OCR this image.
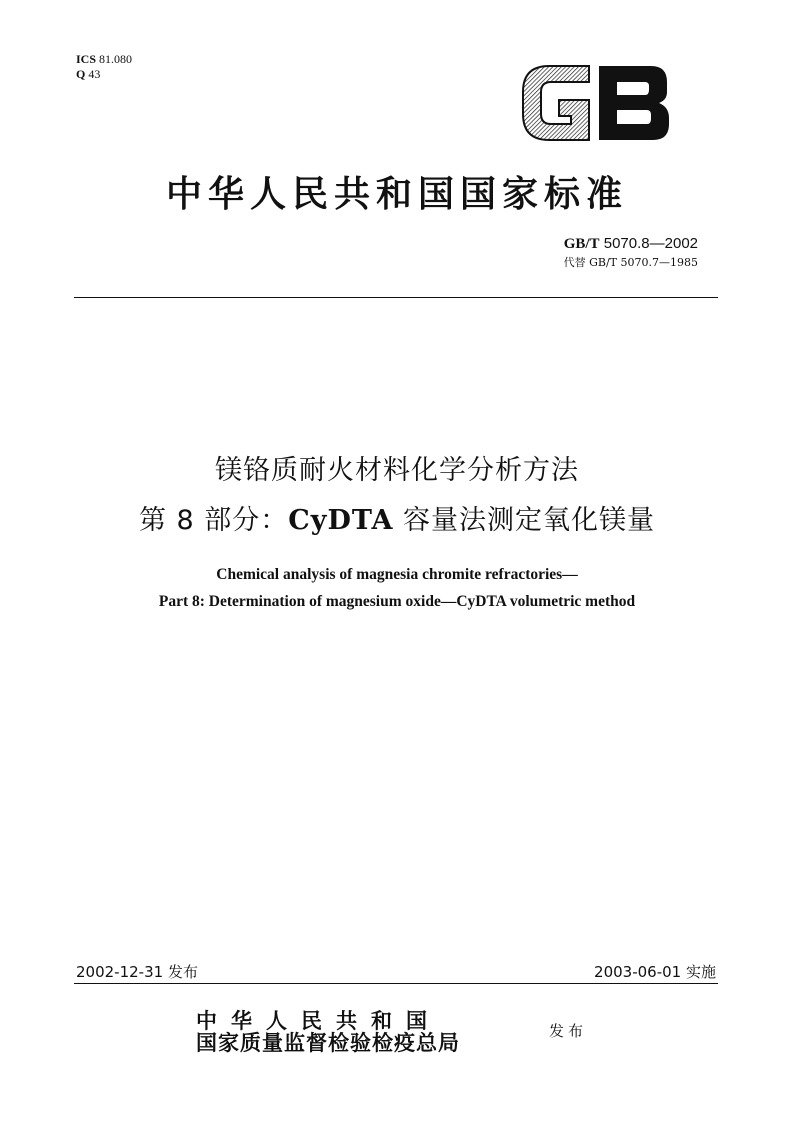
ICS 81.080
Q 43
GB
中华人民共和国国家标准
GB/T 5070.8—2002
代替 GB/T 5070.7—1985
镁铬质耐火材料化学分析方法
第 8 部分：CyDTA 容量法测定氧化镁量
Chemical analysis of magnesia chromite refractories—
Part 8: Determination of magnesium oxide—CyDTA volumetric method
2002-12-31 发布	2003-06-01 实施
中华人民共和国
国家质量监督检验检疫总局	发布
